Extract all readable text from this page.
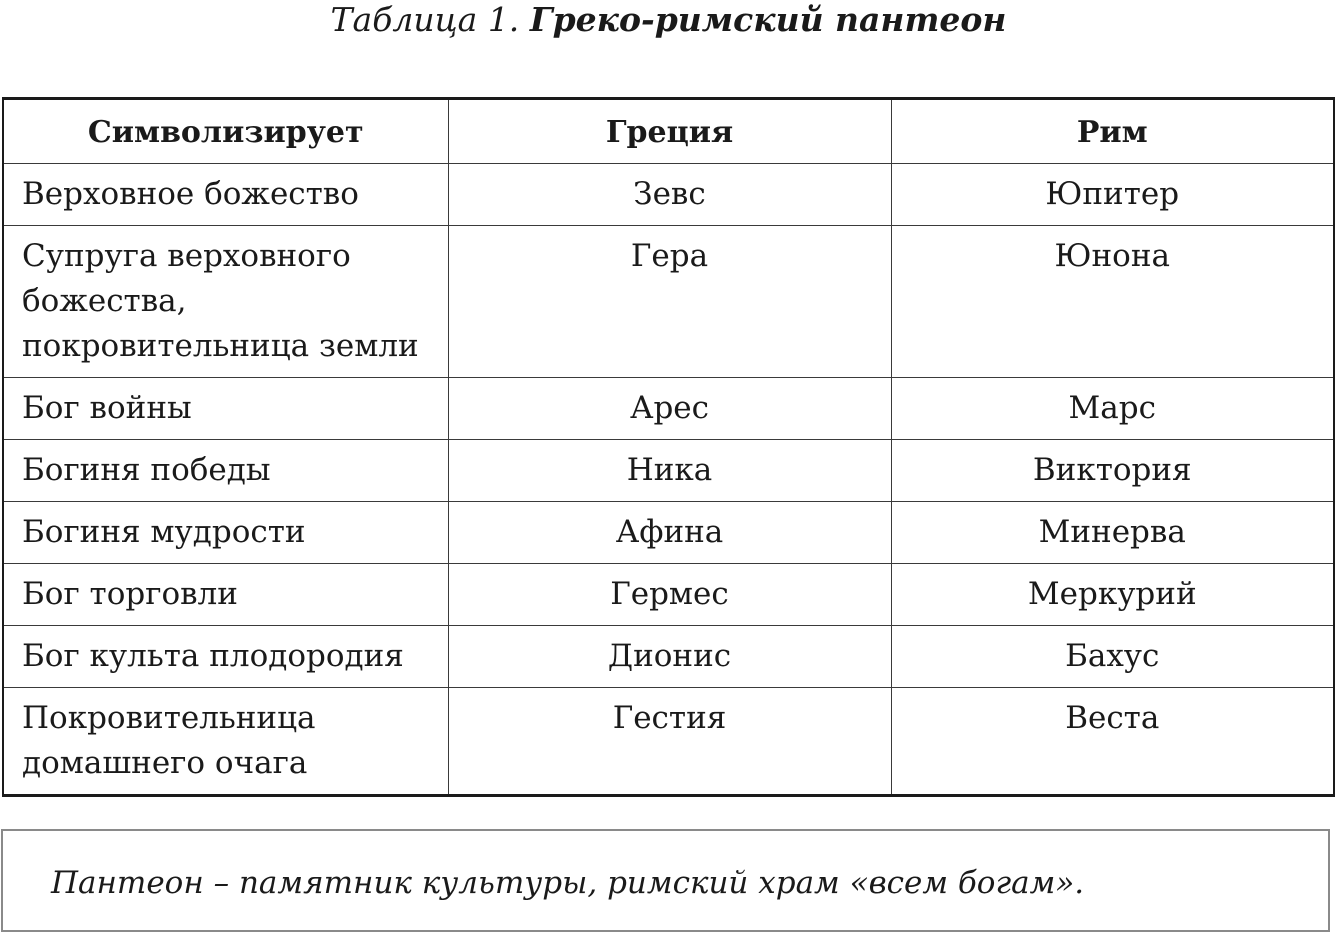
Таблица 1. Греко-римский пантеон
Символизирует	Греция	Рим
Верховное божество	Зевс	Юпитер

Супруга верховного
божества,
покровительница земли	Гера	Юнона
Бог войны	Арес	Марс
Богиня победы	Ника	Виктория
Богиня мудрости	Афина	Минерва
Бог торговли	Гермес	Меркурий
Бог культа плодородия	Дионис	Бахус

Покровительница
домашнего очага	Гестия	Веста
Пантеон – памятник культуры, римский храм «всем богам».
